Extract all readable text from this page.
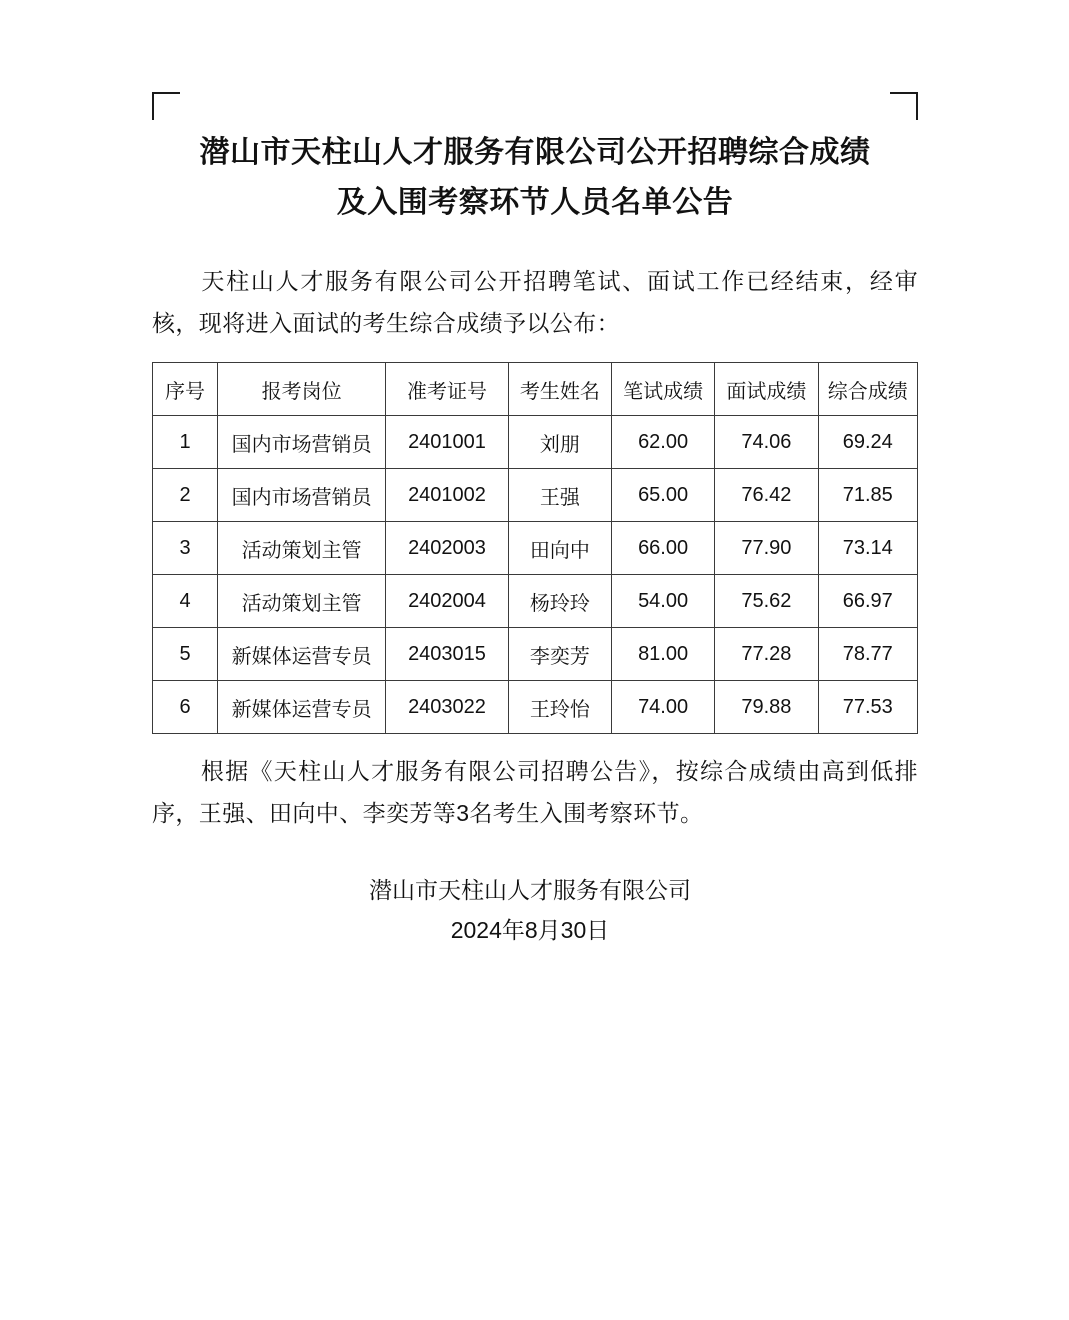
潜山市天柱山人才服务有限公司公开招聘综合成绩
及入围考察环节人员名单公告
天柱山人才服务有限公司公开招聘笔试、面试工作已经结束，经审核，现将进入面试的考生综合成绩予以公布：
序号	报考岗位	准考证号	考生姓名	笔试成绩	面试成绩	综合成绩
1	国内市场营销员	2401001	刘朋	62.00	74.06	69.24
2	国内市场营销员	2401002	王强	65.00	76.42	71.85
3	活动策划主管	2402003	田向中	66.00	77.90	73.14
4	活动策划主管	2402004	杨玲玲	54.00	75.62	66.97
5	新媒体运营专员	2403015	李奕芳	81.00	77.28	78.77
6	新媒体运营专员	2403022	王玲怡	74.00	79.88	77.53
根据《天柱山人才服务有限公司招聘公告》，按综合成绩由高到低排序，王强、田向中、李奕芳等3名考生入围考察环节。
潜山市天柱山人才服务有限公司
2024年8月30日
